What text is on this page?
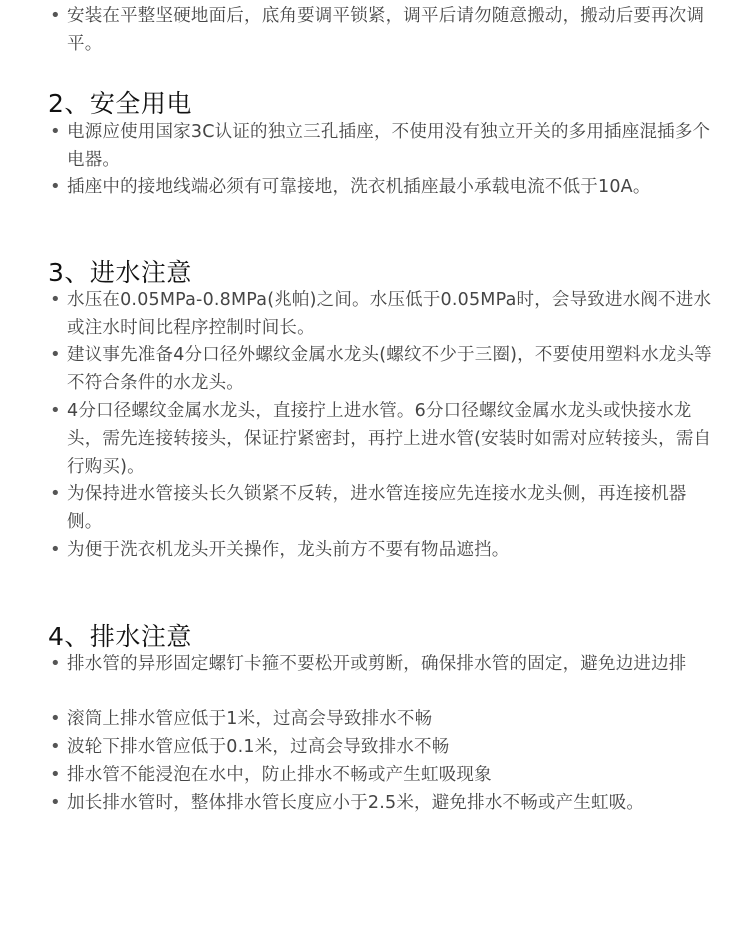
• 安装在平整坚硬地面后，底角要调平锁紧，调平后请勿随意搬动，搬动后要再次调平。
2、安全用电
• 电源应使用国家3C认证的独立三孔插座，不使用没有独立开关的多用插座混插多个电器。
• 插座中的接地线端必须有可靠接地，洗衣机插座最小承载电流不低于10A。
3、进水注意
• 水压在0.05MPa-0.8MPa(兆帕)之间。水压低于0.05MPa时，会导致进水阀不进水或注水时间比程序控制时间长。
• 建议事先准备4分口径外螺纹金属水龙头(螺纹不少于三圈)，不要使用塑料水龙头等不符合条件的水龙头。
• 4分口径螺纹金属水龙头，直接拧上进水管。6分口径螺纹金属水龙头或快接水龙头，需先连接转接头，保证拧紧密封，再拧上进水管(安装时如需对应转接头，需自行购买)。
• 为保持进水管接头长久锁紧不反转，进水管连接应先连接水龙头侧，再连接机器侧。
• 为便于洗衣机龙头开关操作，龙头前方不要有物品遮挡。
4、排水注意
• 排水管的异形固定螺钉卡箍不要松开或剪断，确保排水管的固定，避免边进边排
• 滚筒上排水管应低于1米，过高会导致排水不畅
• 波轮下排水管应低于0.1米，过高会导致排水不畅
• 排水管不能浸泡在水中，防止排水不畅或产生虹吸现象
• 加长排水管时，整体排水管长度应小于2.5米，避免排水不畅或产生虹吸。
